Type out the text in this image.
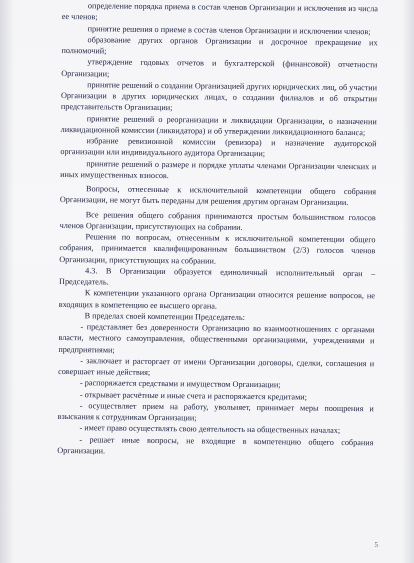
определение порядка приема в состав членов Организации и исключения из числа ее членов;

принятие решения о приеме в состав членов Организации и исключении членов;

образование других органов Организации и досрочное прекращение их полномочий;

утверждение годовых отчетов и бухгалтерской (финансовой) отчетности Организации;

принятие решений о создании Организацией других юридических лиц, об участии Организации в других юридических лицах, о создании филиалов и об открытии представительств Организации;

принятие решений о реорганизации и ликвидации Организации, о назначении ликвидационной комиссии (ликвидатора) и об утверждении ликвидационного баланса;

избрание ревизионной комиссии (ревизора) и назначение аудиторской организации или индивидуального аудитора Организации;

принятие решений о размере и порядке уплаты членами Организации членских и иных имущественных взносов.

Вопросы, отнесенные к исключительной компетенции общего собрания Организации, не могут быть переданы для решения другим органам Организации.

Все решения общего собрания принимаются простым большинством голосов членов Организации, присутствующих на собрании.

Решения по вопросам, отнесенным к исключительной компетенции общего собрания, принимается квалифицированным большинством (2/3) голосов членов Организации, присутствующих на собрании.

4.3. В Организации образуется единоличный исполнительный орган – Председатель.

К компетенции указанного органа Организации относится решение вопросов, не входящих в компетенцию ее высшего органа.

В пределах своей компетенции Председатель:

- представляет без доверенности Организацию во взаимоотношениях с органами власти, местного самоуправления, общественными организациями, учреждениями и предприятиями;

- заключает и расторгает от имени Организации договоры, сделки, соглашения и совершает иные действия;

- распоряжается средствами и имуществом Организации;

- открывает расчётные и иные счета и распоряжается кредитами;

- осуществляет прием на работу, увольняет, принимает меры поощрения и взыскания к сотрудникам Организации;

- имеет право осуществлять свою деятельность на общественных началах;

- решает иные вопросы, не входящие в компетенцию общего собрания Организации.

5
